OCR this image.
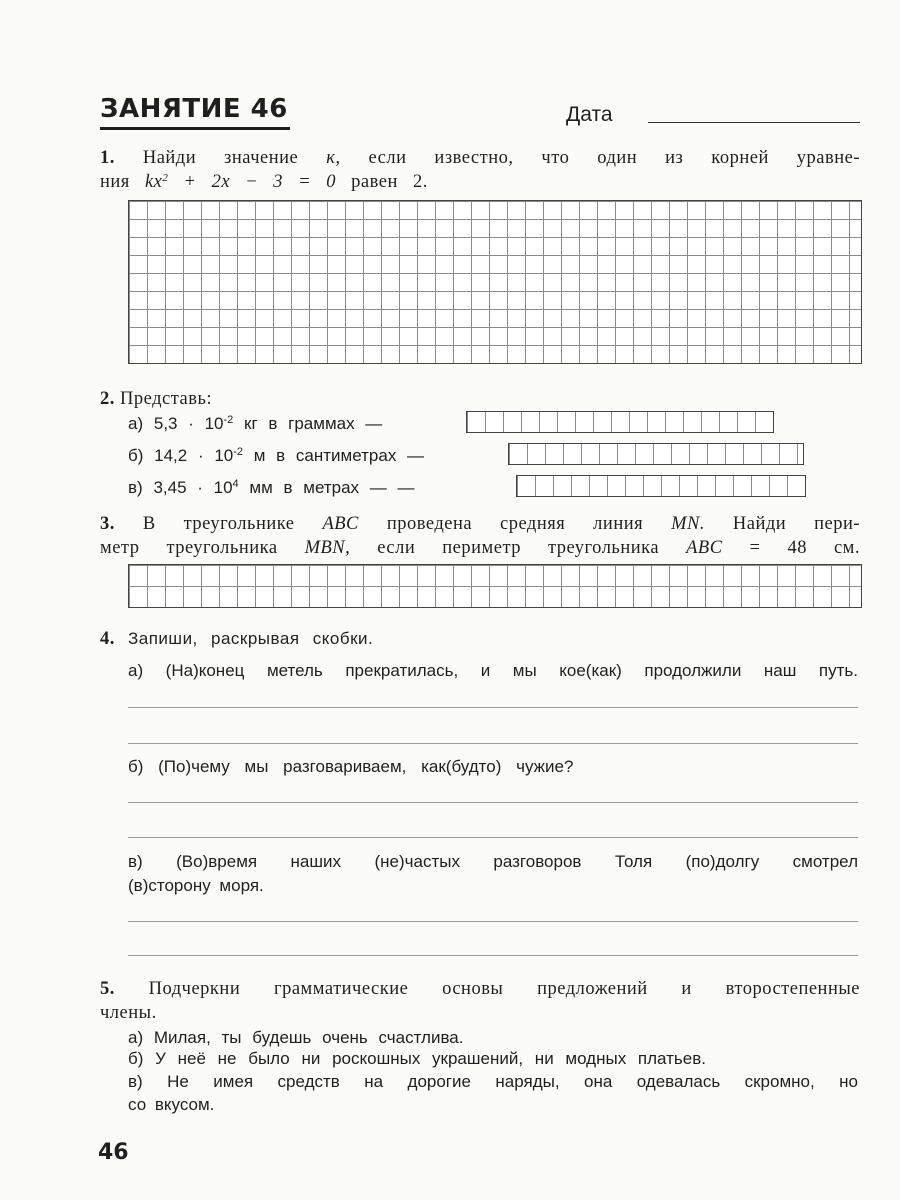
ЗАНЯТИЕ 46	Дата
1. Найди значение к, если известно, что один из корней уравне-
ния $kx^2 + 2x - 3 = 0$ равен 2.
2. Представь:
а) $5,3 \cdot 10^{-2}$ кг в граммах —
б) $14,2 \cdot 10^{-2}$ м в сантиметрах —
в) $3,45 \cdot 10^4$ мм в метрах — —
3. В треугольнике ABC проведена средняя линия MN. Найди пери-
метр треугольника MBN, если периметр треугольника ABC = 48 см.
4. Запиши, раскрывая скобки.
а) (На)конец метель прекратилась, и мы кое(как) продолжили наш путь.
б) (По)чему мы разговариваем, как(будто) чужие?
в) (Во)время наших (не)частых разговоров Толя (по)долгу смотрел
(в)сторону моря.
5. Подчеркни грамматические основы предложений и второстепенные
члены.
а) Милая, ты будешь очень счастлива.
б) У неё не было ни роскошных украшений, ни модных платьев.
в) Не имея средств на дорогие наряды, она одевалась скромно, но
со вкусом.
46
